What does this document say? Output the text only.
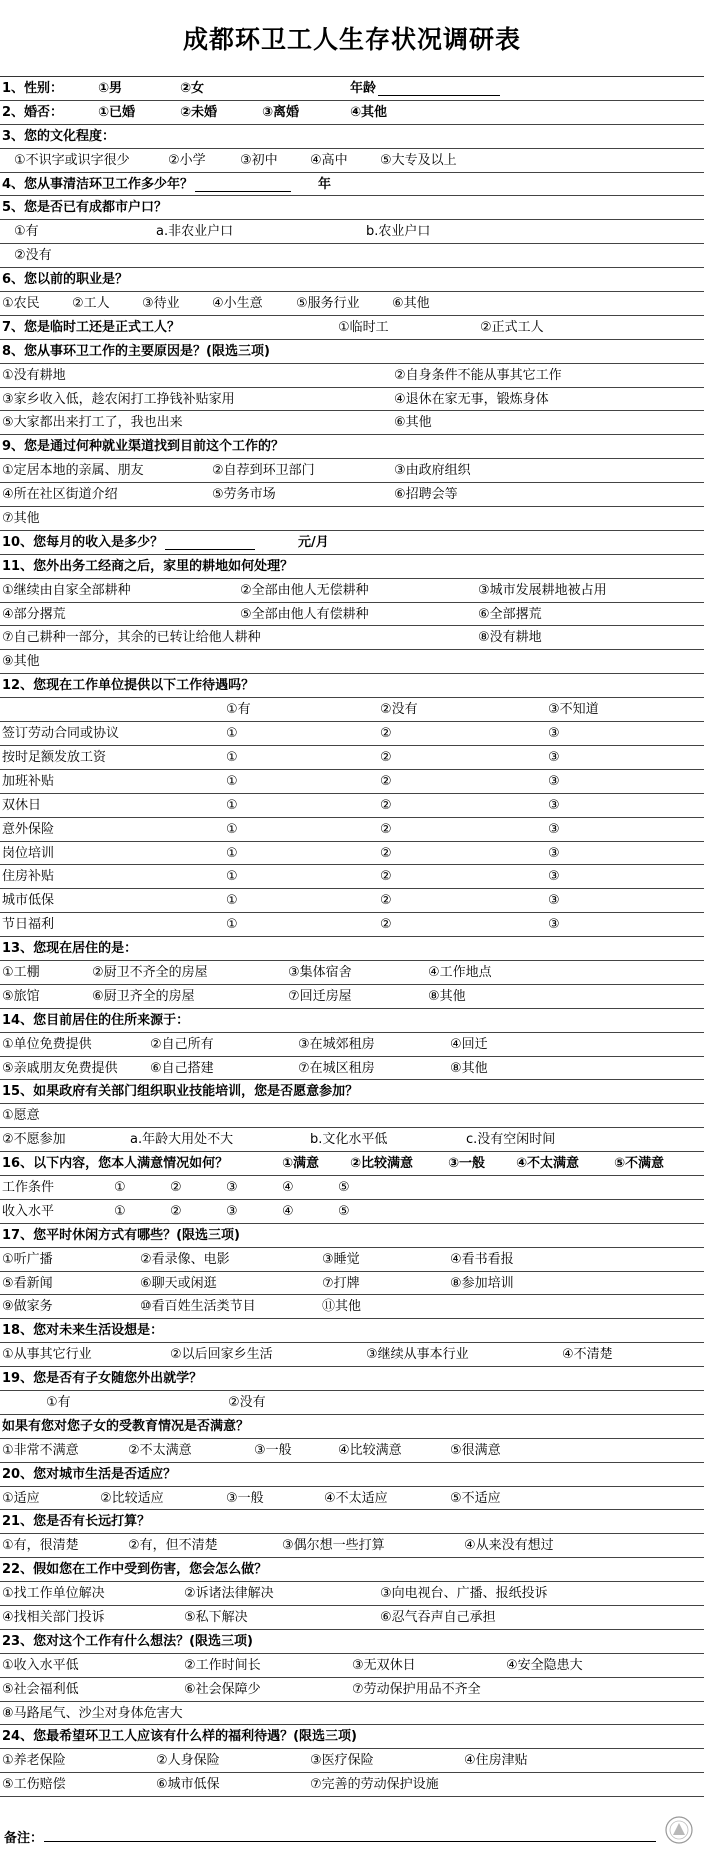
成都环卫工人生存状况调研表
1、性别：	①男	②女	年龄
2、婚否：	①已婚	②未婚	③离婚	④其他
3、您的文化程度：
①不识字或识字很少	②小学	③初中 ④高中 ⑤大专及以上
4、您从事清洁环卫工作多少年？	年
5、您是否已有成都市户口？
①有	a.非农业户口	b.农业户口
②没有
6、您以前的职业是？
①农民 ②工人 ③待业 ④小生意	⑤服务行业 ⑥其他
7、您是临时工还是正式工人？	①临时工	②正式工人
8、您从事环卫工作的主要原因是？(限选三项)
①没有耕地	②自身条件不能从事其它工作
③家乡收入低，趁农闲打工挣钱补贴家用	④退休在家无事，锻炼身体
⑤大家都出来打工了，我也出来	⑥其他
9、您是通过何种就业渠道找到目前这个工作的？
①定居本地的亲属、朋友	②自荐到环卫部门	③由政府组织
④所在社区街道介绍	⑤劳务市场	⑥招聘会等
⑦其他
10、您每月的收入是多少？	元/月
11、您外出务工经商之后，家里的耕地如何处理？
①继续由自家全部耕种	②全部由他人无偿耕种	③城市发展耕地被占用
④部分撂荒	⑤全部由他人有偿耕种	⑥全部撂荒
⑦自己耕种一部分，其余的已转让给他人耕种	⑧没有耕地
⑨其他
12、您现在工作单位提供以下工作待遇吗？
①有	②没有	③不知道
签订劳动合同或协议	①	②	③
按时足额发放工资	①	②	③
加班补贴	①	②	③
双休日	①	②	③
意外保险	①	②	③
岗位培训	①	②	③
住房补贴	①	②	③
城市低保	①	②	③
节日福利	①	②	③
13、您现在居住的是：
①工棚	②厨卫不齐全的房屋	③集体宿舍	④工作地点
⑤旅馆	⑥厨卫齐全的房屋	⑦回迁房屋	⑧其他
14、您目前居住的住所来源于：
①单位免费提供	②自己所有	③在城郊租房	④回迁
⑤亲戚朋友免费提供 ⑥自己搭建	⑦在城区租房	⑧其他
15、如果政府有关部门组织职业技能培训，您是否愿意参加？
①愿意
②不愿参加	a.年龄大用处不大	b.文化水平低	c.没有空闲时间
16、以下内容，您本人满意情况如何？	①满意 ②比较满意	③一般 ④不太满意	⑤不满意
工作条件	①	②	③	④	⑤
收入水平	①	②	③	④	⑤
17、您平时休闲方式有哪些？(限选三项)
①听广播	②看录像、电影	③睡觉	④看书看报
⑤看新闻	⑥聊天或闲逛	⑦打牌	⑧参加培训
⑨做家务	⑩看百姓生活类节目	⑪其他
18、您对未来生活设想是：
①从事其它行业	②以后回家乡生活	③继续从事本行业	④不清楚
19、您是否有子女随您外出就学？
①有	②没有
如果有您对您子女的受教育情况是否满意？
①非常不满意	②不太满意	③一般	④比较满意	⑤很满意
20、您对城市生活是否适应？
①适应	②比较适应	③一般	④不太适应	⑤不适应
21、您是否有长远打算？
①有，很清楚	②有，但不清楚	③偶尔想一些打算	④从来没有想过
22、假如您在工作中受到伤害，您会怎么做？
①找工作单位解决	②诉诸法律解决	③向电视台、广播、报纸投诉
④找相关部门投诉	⑤私下解决	⑥忍气吞声自己承担
23、您对这个工作有什么想法？(限选三项)
①收入水平低	②工作时间长	③无双休日	④安全隐患大
⑤社会福利低	⑥社会保障少	⑦劳动保护用品不齐全
⑧马路尾气、沙尘对身体危害大
24、您最希望环卫工人应该有什么样的福利待遇？(限选三项)
①养老保险	②人身保险	③医疗保险	④住房津贴
⑤工伤赔偿	⑥城市低保	⑦完善的劳动保护设施
备注：
